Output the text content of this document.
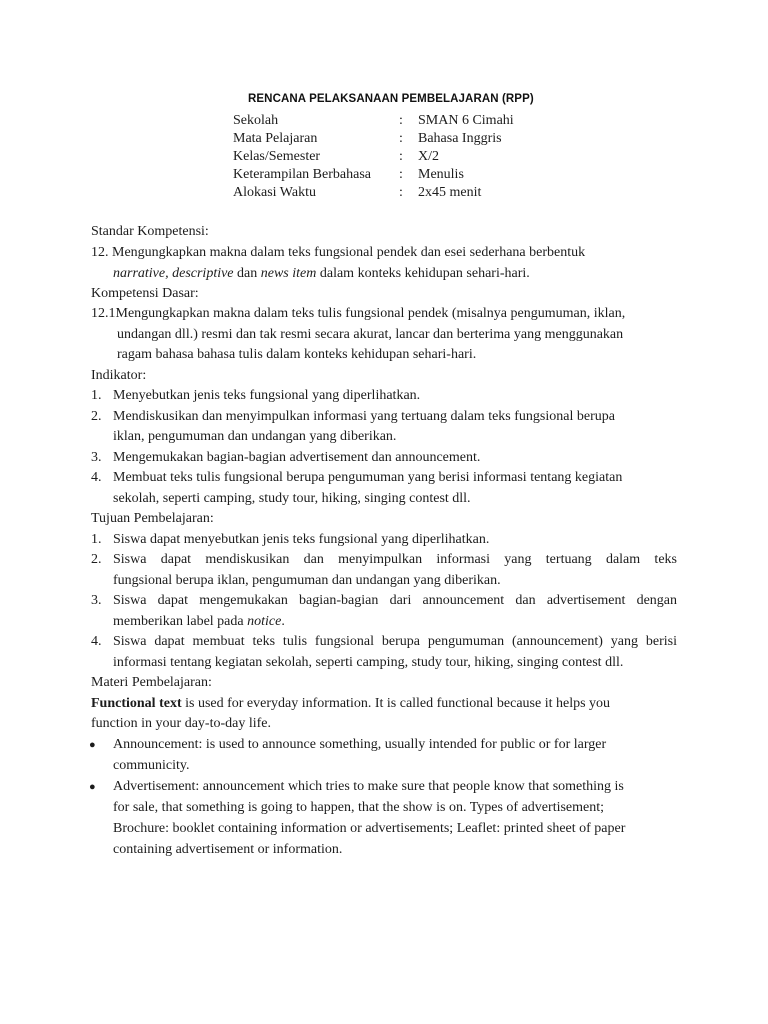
RENCANA PELAKSANAAN PEMBELAJARAN (RPP)
Sekolah	: SMAN 6 Cimahi
Mata Pelajaran	: Bahasa Inggris
Kelas/Semester	: X/2
Keterampilan Berbahasa : Menulis
Alokasi Waktu	: 2x45 menit
Standar Kompetensi:
12. Mengungkapkan makna dalam teks fungsional pendek dan esei sederhana berbentuk
narrative, descriptive dan news item dalam konteks kehidupan sehari-hari.
Kompetensi Dasar:
12.1Mengungkapkan makna dalam teks tulis fungsional pendek (misalnya pengumuman, iklan,
undangan dll.) resmi dan tak resmi secara akurat, lancar dan berterima yang menggunakan
ragam bahasa bahasa tulis dalam konteks kehidupan sehari-hari.
Indikator:
1. Menyebutkan jenis teks fungsional yang diperlihatkan.
2. Mendiskusikan dan menyimpulkan informasi yang tertuang dalam teks fungsional berupa
iklan, pengumuman dan undangan yang diberikan.
3. Mengemukakan bagian-bagian advertisement dan announcement.
4. Membuat teks tulis fungsional berupa pengumuman yang berisi informasi tentang kegiatan
sekolah, seperti camping, study tour, hiking, singing contest dll.
Tujuan Pembelajaran:
1. Siswa dapat menyebutkan jenis teks fungsional yang diperlihatkan.
2. Siswa dapat mendiskusikan dan menyimpulkan informasi yang tertuang dalam teks
fungsional berupa iklan, pengumuman dan undangan yang diberikan.
3. Siswa dapat mengemukakan bagian-bagian dari announcement dan advertisement dengan
memberikan label pada notice.
4. Siswa dapat membuat teks tulis fungsional berupa pengumuman (announcement) yang berisi
informasi tentang kegiatan sekolah, seperti camping, study tour, hiking, singing contest dll.
Materi Pembelajaran:
Functional text is used for everyday information. It is called functional because it helps you
function in your day-to-day life.
● Announcement: is used to announce something, usually intended for public or for larger
communicity.
● Advertisement: announcement which tries to make sure that people know that something is
for sale, that something is going to happen, that the show is on. Types of advertisement;
Brochure: booklet containing information or advertisements; Leaflet: printed sheet of paper
containing advertisement or information.
